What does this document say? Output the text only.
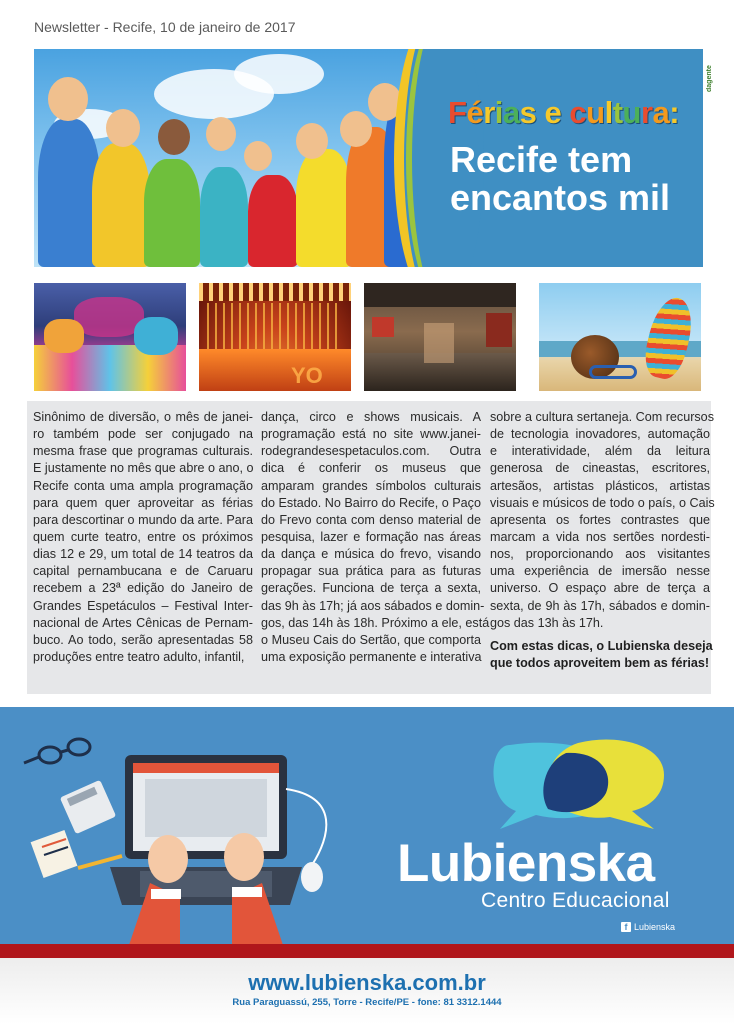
Newsletter - Recife, 10 de janeiro de 2017
Férias e cultura:
Recife tem encantos mil
dagente
YO
Sinônimo de diversão, o mês de janei-
ro também pode ser conjugado na
mesma frase que programas culturais.
E justamente no mês que abre o ano, o
Recife conta uma ampla programação
para quem quer aproveitar as férias
para descortinar o mundo da arte. Para
quem curte teatro, entre os próximos
dias 12 e 29, um total de 14 teatros da
capital pernambucana e de Caruaru
recebem a 23ª edição do Janeiro de
Grandes Espetáculos – Festival Inter-
nacional de Artes Cênicas de Pernam-
buco. Ao todo, serão apresentadas 58
produções entre teatro adulto, infantil,
dança, circo e shows musicais. A
programação está no site www.janei-
rodegrandesespetaculos.com. Outra
dica é conferir os museus que
amparam grandes símbolos culturais
do Estado. No Bairro do Recife, o Paço
do Frevo conta com denso material de
pesquisa, lazer e formação nas áreas
da dança e música do frevo, visando
propagar sua prática para as futuras
gerações. Funciona de terça a sexta,
das 9h às 17h; já aos sábados e domin-
gos, das 14h às 18h. Próximo a ele, está
o Museu Cais do Sertão, que comporta
uma exposição permanente e interativa
sobre a cultura sertaneja. Com recursos
de tecnologia inovadores, automação
e interatividade, além da leitura
generosa de cineastas, escritores,
artesãos, artistas plásticos, artistas
visuais e músicos de todo o país, o Cais
apresenta os fortes contrastes que
marcam a vida nos sertões nordesti-
nos, proporcionando aos visitantes
uma experiência de imersão nesse
universo. O espaço abre de terça a
sexta, de 9h às 17h, sábados e domin-
gos das 13h às 17h.
Com estas dicas, o Lubienska deseja
que todos aproveitem bem as férias!
Lubienska
Centro Educacional
f Lubienska
www.lubienska.com.br
Rua Paraguassú, 255, Torre - Recife/PE - fone: 81 3312.1444
